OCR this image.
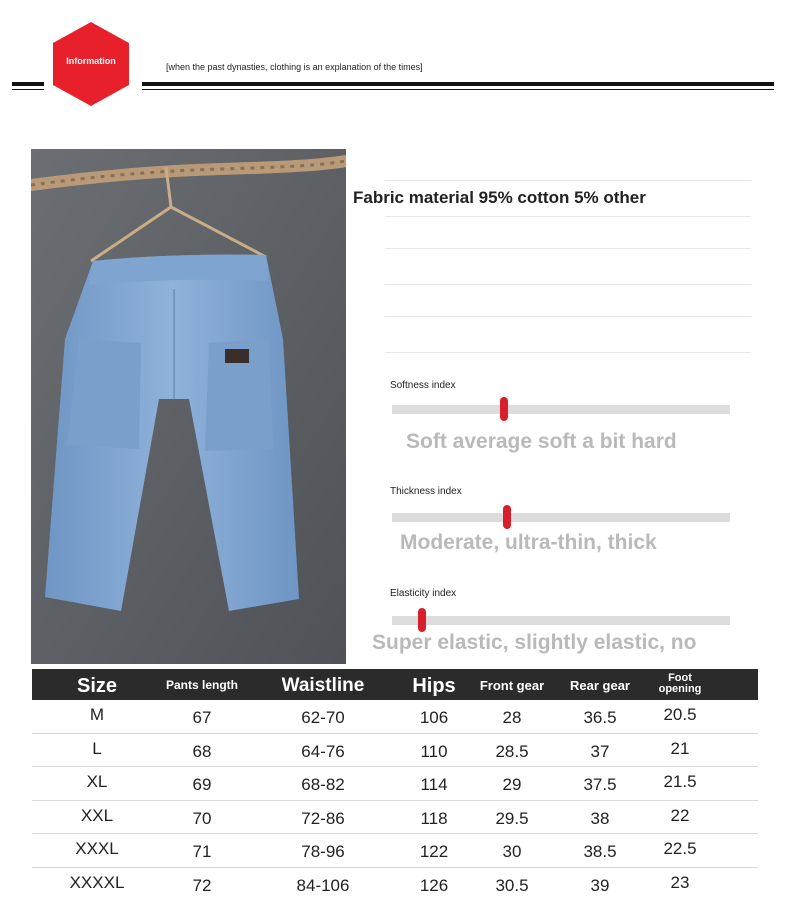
Information
[when the past dynasties, clothing is an explanation of the times]
Fabric material 95% cotton 5% other
Softness index
Soft average soft a bit hard
Thickness index
Moderate, ultra-thin, thick
Elasticity index
Super elastic, slightly elastic, no
Size	Pants length	Waistline	Hips	Front gear	Rear gear	Foot opening
M	67	62-70	106	28	36.5	20.5
L	68	64-76	110	28.5	37	21
XL	69	68-82	114	29	37.5	21.5
XXL	70	72-86	118	29.5	38	22
XXXL	71	78-96	122	30	38.5	22.5
XXXXL	72	84-106	126	30.5	39	23
